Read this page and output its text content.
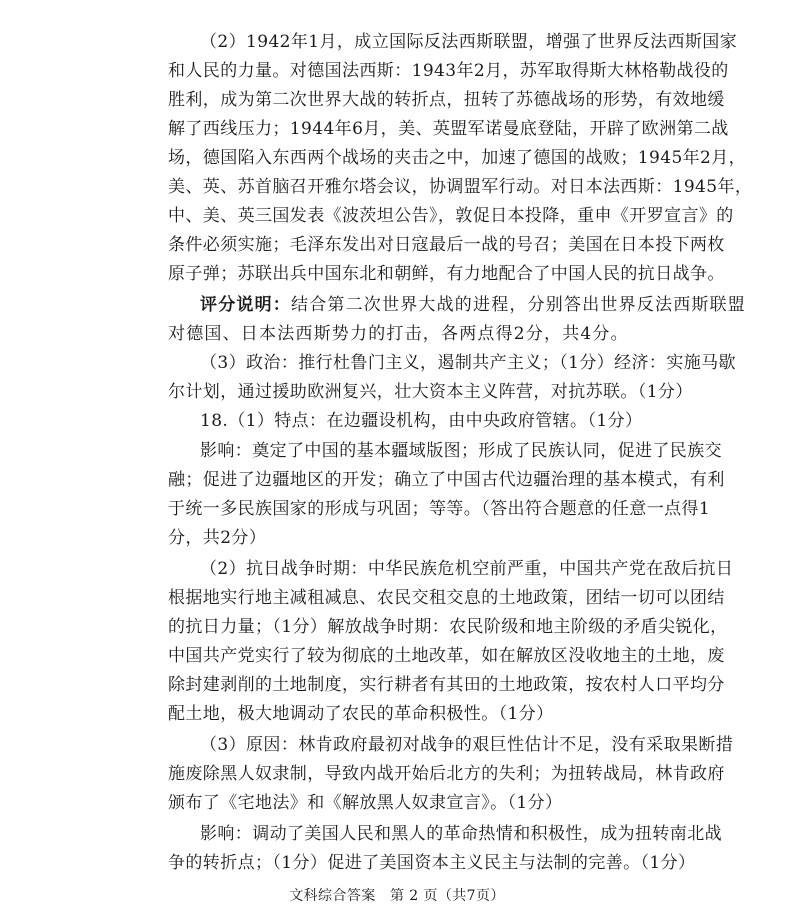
（2）1942年1月，成立国际反法西斯联盟，增强了世界反法西斯国家
和人民的力量。对德国法西斯：1943年2月，苏军取得斯大林格勒战役的
胜利，成为第二次世界大战的转折点，扭转了苏德战场的形势，有效地缓
解了西线压力；1944年6月，美、英盟军诺曼底登陆，开辟了欧洲第二战
场，德国陷入东西两个战场的夹击之中，加速了德国的战败；1945年2月，
美、英、苏首脑召开雅尔塔会议，协调盟军行动。对日本法西斯：1945年，
中、美、英三国发表《波茨坦公告》，敦促日本投降，重申《开罗宣言》的
条件必须实施；毛泽东发出对日寇最后一战的号召；美国在日本投下两枚
原子弹；苏联出兵中国东北和朝鲜，有力地配合了中国人民的抗日战争。
评分说明：结合第二次世界大战的进程，分别答出世界反法西斯联盟
对德国、日本法西斯势力的打击，各两点得2分，共4分。
（3）政治：推行杜鲁门主义，遏制共产主义；（1分）经济：实施马歇
尔计划，通过援助欧洲复兴，壮大资本主义阵营，对抗苏联。（1分）
18.（1）特点：在边疆设机构，由中央政府管辖。（1分）
影响：奠定了中国的基本疆域版图；形成了民族认同，促进了民族交
融；促进了边疆地区的开发；确立了中国古代边疆治理的基本模式，有利
于统一多民族国家的形成与巩固；等等。（答出符合题意的任意一点得1
分，共2分）
（2）抗日战争时期：中华民族危机空前严重，中国共产党在敌后抗日
根据地实行地主减租减息、农民交租交息的土地政策，团结一切可以团结
的抗日力量；（1分）解放战争时期：农民阶级和地主阶级的矛盾尖锐化，
中国共产党实行了较为彻底的土地改革，如在解放区没收地主的土地，废
除封建剥削的土地制度，实行耕者有其田的土地政策，按农村人口平均分
配土地，极大地调动了农民的革命积极性。（1分）
（3）原因：林肯政府最初对战争的艰巨性估计不足，没有采取果断措
施废除黑人奴隶制，导致内战开始后北方的失利；为扭转战局，林肯政府
颁布了《宅地法》和《解放黑人奴隶宣言》。（1分）
影响：调动了美国人民和黑人的革命热情和积极性，成为扭转南北战
争的转折点；（1分）促进了美国资本主义民主与法制的完善。（1分）
文科综合答案　第 2 页（共7页）
